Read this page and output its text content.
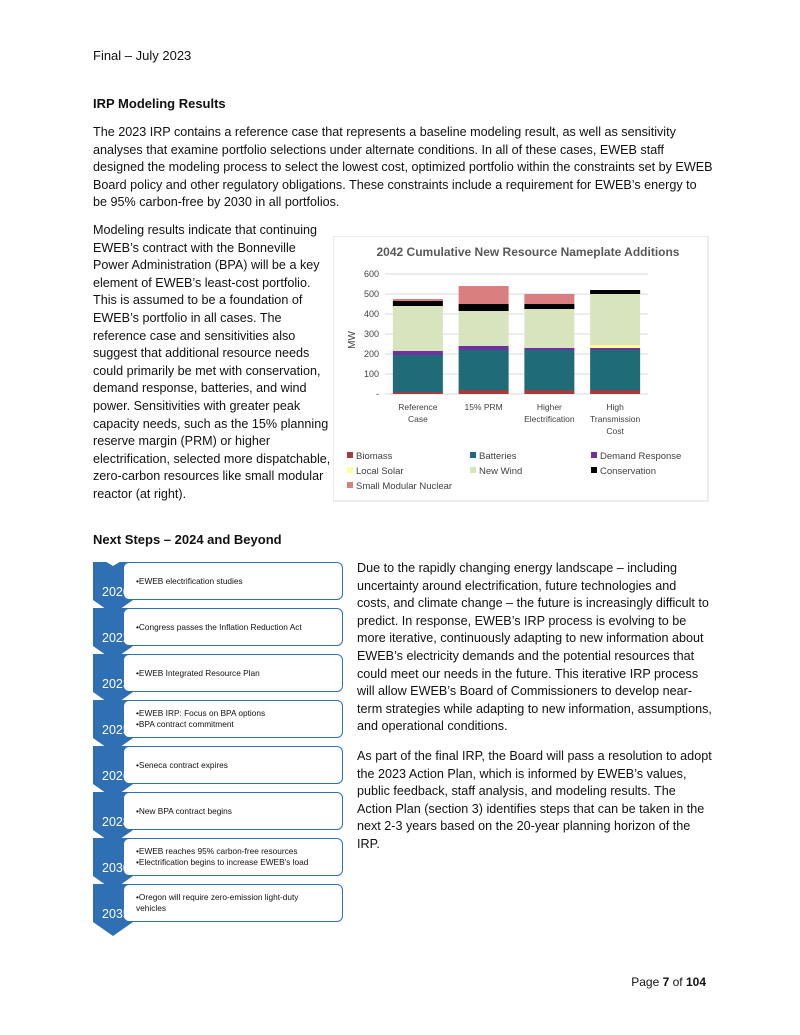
Final – July 2023
IRP Modeling Results
The 2023 IRP contains a reference case that represents a baseline modeling result, as well as sensitivity analyses that examine portfolio selections under alternate conditions. In all of these cases, EWEB staff designed the modeling process to select the lowest cost, optimized portfolio within the constraints set by EWEB Board policy and other regulatory obligations. These constraints include a requirement for EWEB’s energy to be 95% carbon-free by 2030 in all portfolios.
Modeling results indicate that continuing EWEB’s contract with the Bonneville Power Administration (BPA) will be a key element of EWEB’s least-cost portfolio. This is assumed to be a foundation of EWEB’s portfolio in all cases. The reference case and sensitivities also suggest that additional resource needs could primarily be met with conservation, demand response, batteries, and wind power. Sensitivities with greater peak capacity needs, such as the 15% planning reserve margin (PRM) or higher electrification, selected more dispatchable, zero-carbon resources like small modular reactor (at right).
2042 Cumulative New Resource Nameplate Additions
MW
-
100
200
300
400
500
600
Reference
Case
15% PRM	Higher
Electrification
High
Transmission
Cost
Biomass	Batteries	Demand Response
Local Solar	New Wind	Conservation
Small Modular Nuclear
Next Steps – 2024 and Beyond
•EWEB electrification studies
2020
•Congress passes the Inflation Reduction Act
2022
•EWEB Integrated Resource Plan
2023
•EWEB IRP: Focus on BPA options
•BPA contract commitment
2025
•Seneca contract expires
2026
•New BPA contract begins
2028
•EWEB reaches 95% carbon-free resources
•Electrification begins to increase EWEB's load
2030
•Oregon will require zero-emission light-duty
vehicles
2035

Due to the rapidly changing energy landscape – including uncertainty around electrification, future technologies and costs, and climate change – the future is increasingly difficult to predict. In response, EWEB’s IRP process is evolving to be more iterative, continuously adapting to new information about EWEB’s electricity demands and the potential resources that could meet our needs in the future. This iterative IRP process will allow EWEB’s Board of Commissioners to develop near-term strategies while adapting to new information, assumptions, and operational conditions.

As part of the final IRP, the Board will pass a resolution to adopt the 2023 Action Plan, which is informed by EWEB’s values, public feedback, staff analysis, and modeling results. The Action Plan (section 3) identifies steps that can be taken in the next 2-3 years based on the 20-year planning horizon of the IRP.

Page 7 of 104
